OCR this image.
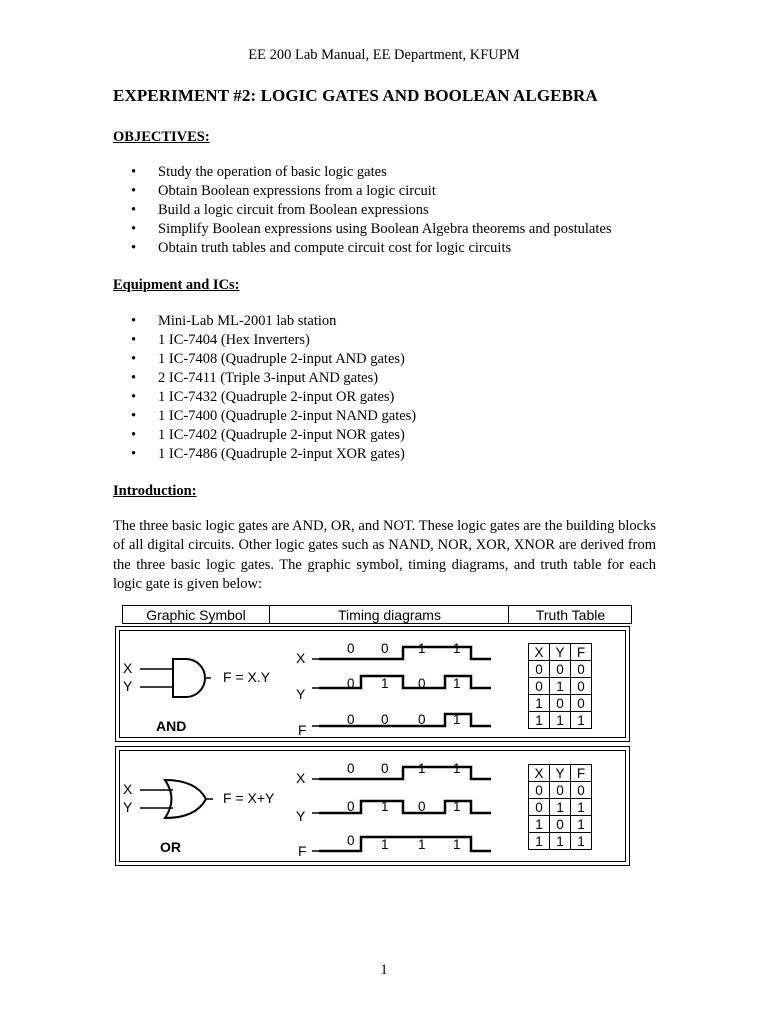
EE 200 Lab Manual, EE Department, KFUPM
EXPERIMENT #2: LOGIC GATES AND BOOLEAN ALGEBRA
OBJECTIVES:
• Study the operation of basic logic gates
• Obtain Boolean expressions from a logic circuit
• Build a logic circuit from Boolean expressions
• Simplify Boolean expressions using Boolean Algebra theorems and postulates
• Obtain truth tables and compute circuit cost for logic circuits
Equipment and ICs:
• Mini-Lab ML-2001 lab station
• 1 IC-7404 (Hex Inverters)
• 1 IC-7408 (Quadruple 2-input AND gates)
• 2 IC-7411 (Triple 3-input AND gates)
• 1 IC-7432 (Quadruple 2-input OR gates)
• 1 IC-7400 (Quadruple 2-input NAND gates)
• 1 IC-7402 (Quadruple 2-input NOR gates)
• 1 IC-7486 (Quadruple 2-input XOR gates)
Introduction:
The three basic logic gates are AND, OR, and NOT. These logic gates are the building blocks of all digital circuits. Other logic gates such as NAND, NOR, XOR, XNOR are derived from the three basic logic gates. The graphic symbol, timing diagrams, and truth table for each logic gate is given below:
Graphic Symbol	Timing diagrams	Truth Table
X
Y
F = X.Y
AND
X
Y
F
0 0 1 1
0 1 0 1
0 0 0 1
X	Y	F
0	0	0
0	1	0
1	0	0
1	1	1
X
Y
F = X+Y
OR
X
Y
F
0 0 1 1
0 1 0 1
0 1 1 1
X	Y	F
0	0	0
0	1	1
1	0	1
1	1	1
1
